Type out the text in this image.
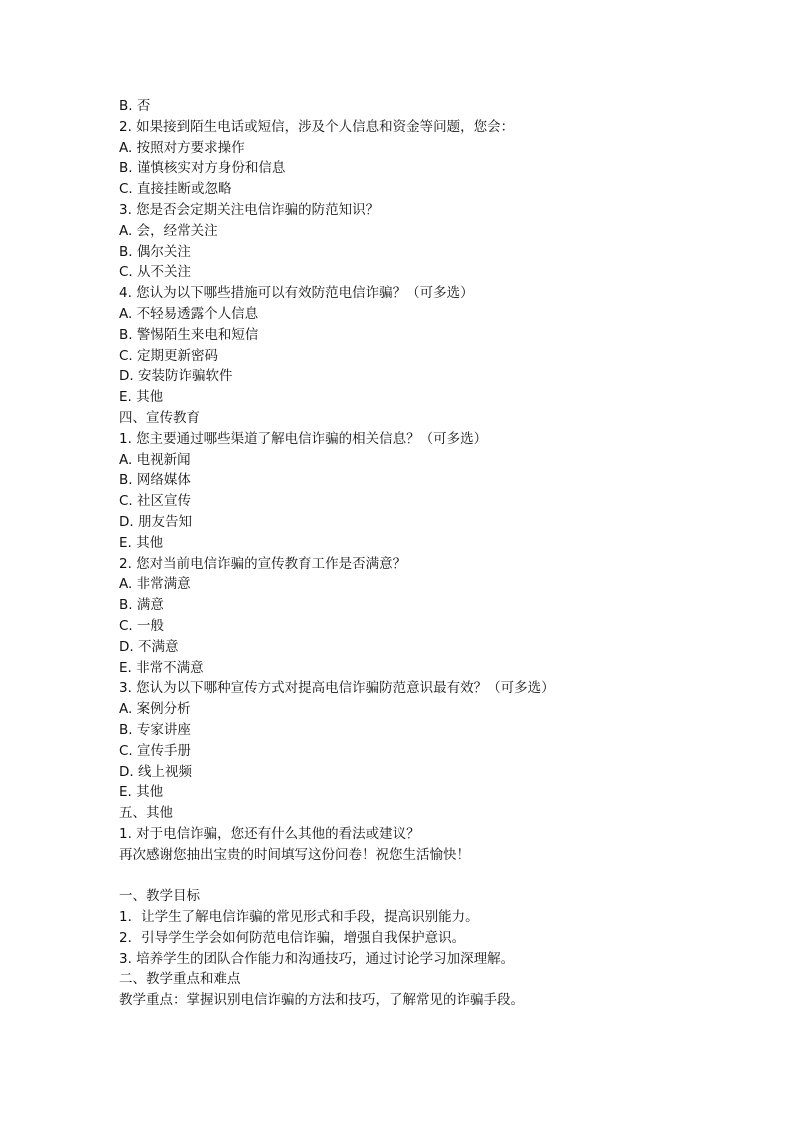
B. 否
2. 如果接到陌生电话或短信，涉及个人信息和资金等问题，您会：
A. 按照对方要求操作
B. 谨慎核实对方身份和信息
C. 直接挂断或忽略
3. 您是否会定期关注电信诈骗的防范知识？
A. 会，经常关注
B. 偶尔关注
C. 从不关注
4. 您认为以下哪些措施可以有效防范电信诈骗？（可多选）
A. 不轻易透露个人信息
B. 警惕陌生来电和短信
C. 定期更新密码
D. 安装防诈骗软件
E. 其他
四、宣传教育
1. 您主要通过哪些渠道了解电信诈骗的相关信息？（可多选）
A. 电视新闻
B. 网络媒体
C. 社区宣传
D. 朋友告知
E. 其他
2. 您对当前电信诈骗的宣传教育工作是否满意？
A. 非常满意
B. 满意
C. 一般
D. 不满意
E. 非常不满意
3. 您认为以下哪种宣传方式对提高电信诈骗防范意识最有效？（可多选）
A. 案例分析
B. 专家讲座
C. 宣传手册
D. 线上视频
E. 其他
五、其他
1. 对于电信诈骗，您还有什么其他的看法或建议？
再次感谢您抽出宝贵的时间填写这份问卷！祝您生活愉快！
一、教学目标
1．让学生了解电信诈骗的常见形式和手段，提高识别能力。
2．引导学生学会如何防范电信诈骗，增强自我保护意识。
3. 培养学生的团队合作能力和沟通技巧，通过讨论学习加深理解。
二、教学重点和难点
教学重点：掌握识别电信诈骗的方法和技巧，了解常见的诈骗手段。
